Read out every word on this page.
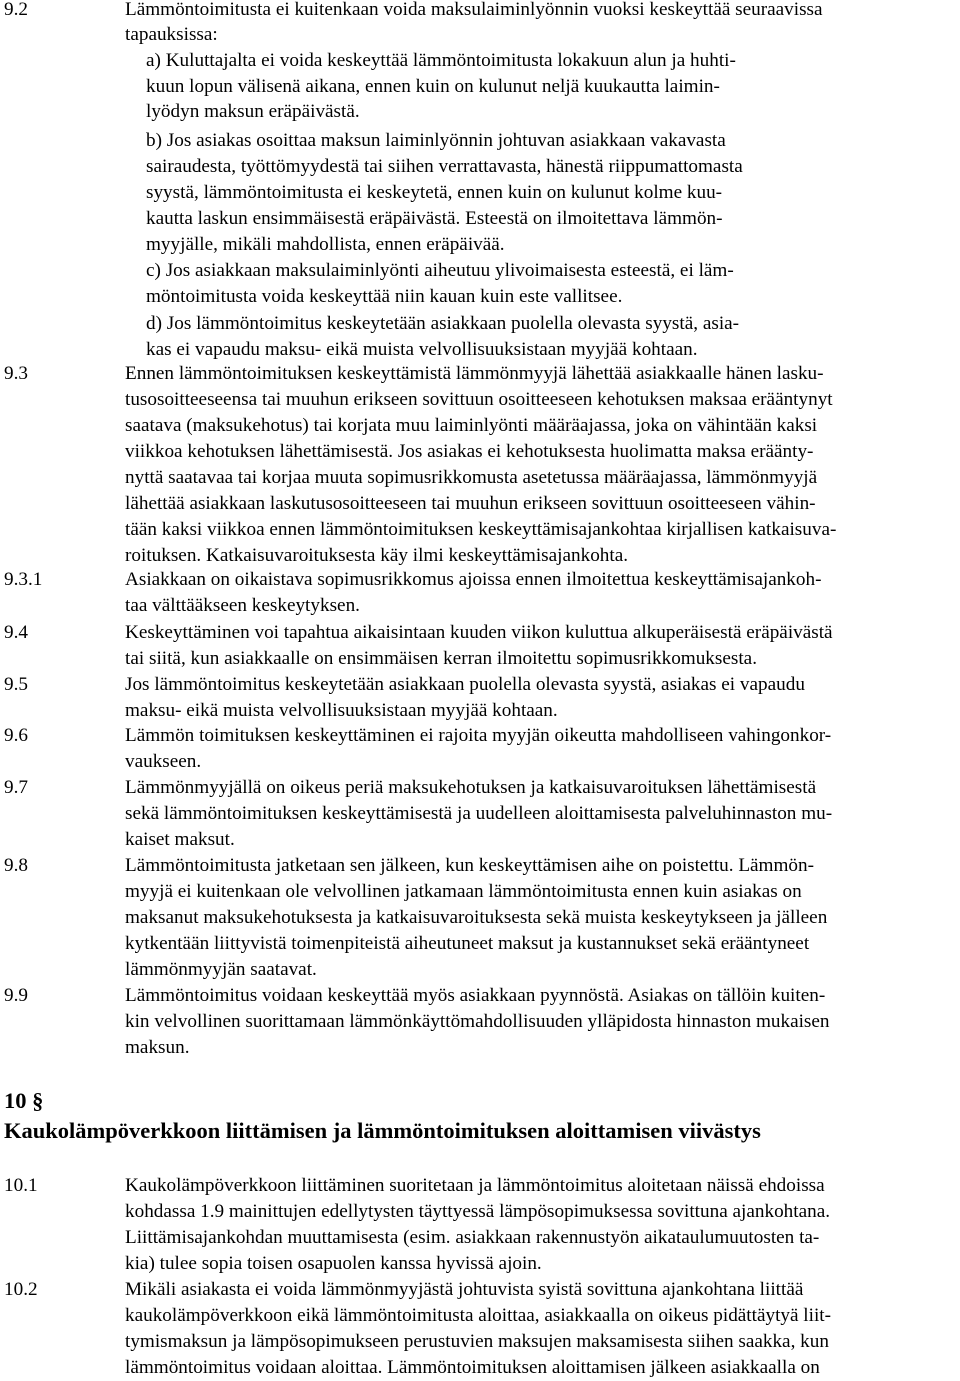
9.2	Lämmöntoimitusta ei kuitenkaan voida maksulaiminlyönnin vuoksi keskeyttää seuraavissa
tapauksissa:
a) Kuluttajalta ei voida keskeyttää lämmöntoimitusta lokakuun alun ja huhti-
kuun lopun välisenä aikana, ennen kuin on kulunut neljä kuukautta laimin-
lyödyn maksun eräpäivästä.
b) Jos asiakas osoittaa maksun laiminlyönnin johtuvan asiakkaan vakavasta
sairaudesta, työttömyydestä tai siihen verrattavasta, hänestä riippumattomasta
syystä, lämmöntoimitusta ei keskeytetä, ennen kuin on kulunut kolme kuu-
kautta laskun ensimmäisestä eräpäivästä. Esteestä on ilmoitettava lämmön-
myyjälle, mikäli mahdollista, ennen eräpäivää.
c) Jos asiakkaan maksulaiminlyönti aiheutuu ylivoimaisesta esteestä, ei läm-
möntoimitusta voida keskeyttää niin kauan kuin este vallitsee.
d) Jos lämmöntoimitus keskeytetään asiakkaan puolella olevasta syystä, asia-
kas ei vapaudu maksu- eikä muista velvollisuuksistaan myyjää kohtaan.
9.3	Ennen lämmöntoimituksen keskeyttämistä lämmönmyyjä lähettää asiakkaalle hänen lasku-
tusosoitteeseensa tai muuhun erikseen sovittuun osoitteeseen kehotuksen maksaa erääntynyt
saatava (maksukehotus) tai korjata muu laiminlyönti määräajassa, joka on vähintään kaksi
viikkoa kehotuksen lähettämisestä. Jos asiakas ei kehotuksesta huolimatta maksa eräänty-
nyttä saatavaa tai korjaa muuta sopimusrikkomusta asetetussa määräajassa, lämmönmyyjä
lähettää asiakkaan laskutusosoitteeseen tai muuhun erikseen sovittuun osoitteeseen vähin-
tään kaksi viikkoa ennen lämmöntoimituksen keskeyttämisajankohtaa kirjallisen katkaisuva-
roituksen. Katkaisuvaroituksesta käy ilmi keskeyttämisajankohta.
9.3.1	Asiakkaan on oikaistava sopimusrikkomus ajoissa ennen ilmoitettua keskeyttämisajankoh-
taa välttääkseen keskeytyksen.
9.4	Keskeyttäminen voi tapahtua aikaisintaan kuuden viikon kuluttua alkuperäisestä eräpäivästä
tai siitä, kun asiakkaalle on ensimmäisen kerran ilmoitettu sopimusrikkomuksesta.
9.5	Jos lämmöntoimitus keskeytetään asiakkaan puolella olevasta syystä, asiakas ei vapaudu
maksu- eikä muista velvollisuuksistaan myyjää kohtaan.
9.6	Lämmön toimituksen keskeyttäminen ei rajoita myyjän oikeutta mahdolliseen vahingonkor-
vaukseen.
9.7	Lämmönmyyjällä on oikeus periä maksukehotuksen ja katkaisuvaroituksen lähettämisestä
sekä lämmöntoimituksen keskeyttämisestä ja uudelleen aloittamisesta palveluhinnaston mu-
kaiset maksut.
9.8	Lämmöntoimitusta jatketaan sen jälkeen, kun keskeyttämisen aihe on poistettu. Lämmön-
myyjä ei kuitenkaan ole velvollinen jatkamaan lämmöntoimitusta ennen kuin asiakas on
maksanut maksukehotuksesta ja katkaisuvaroituksesta sekä muista keskeytykseen ja jälleen
kytkentään liittyvistä toimenpiteistä aiheutuneet maksut ja kustannukset sekä erääntyneet
lämmönmyyjän saatavat.
9.9	Lämmöntoimitus voidaan keskeyttää myös asiakkaan pyynnöstä. Asiakas on tällöin kuiten-
kin velvollinen suorittamaan lämmönkäyttömahdollisuuden ylläpidosta hinnaston mukaisen
maksun.
10 §
Kaukolämpöverkkoon liittämisen ja lämmöntoimituksen aloittamisen viivästys
10.1	Kaukolämpöverkkoon liittäminen suoritetaan ja lämmöntoimitus aloitetaan näissä ehdoissa
kohdassa 1.9 mainittujen edellytysten täyttyessä lämpösopimuksessa sovittuna ajankohtana.
Liittämisajankohdan muuttamisesta (esim. asiakkaan rakennustyön aikataulumuutosten ta-
kia) tulee sopia toisen osapuolen kanssa hyvissä ajoin.
10.2	Mikäli asiakasta ei voida lämmönmyyjästä johtuvista syistä sovittuna ajankohtana liittää
kaukolämpöverkkoon eikä lämmöntoimitusta aloittaa, asiakkaalla on oikeus pidättäytyä liit-
tymismaksun ja lämpösopimukseen perustuvien maksujen maksamisesta siihen saakka, kun
lämmöntoimitus voidaan aloittaa. Lämmöntoimituksen aloittamisen jälkeen asiakkaalla on
